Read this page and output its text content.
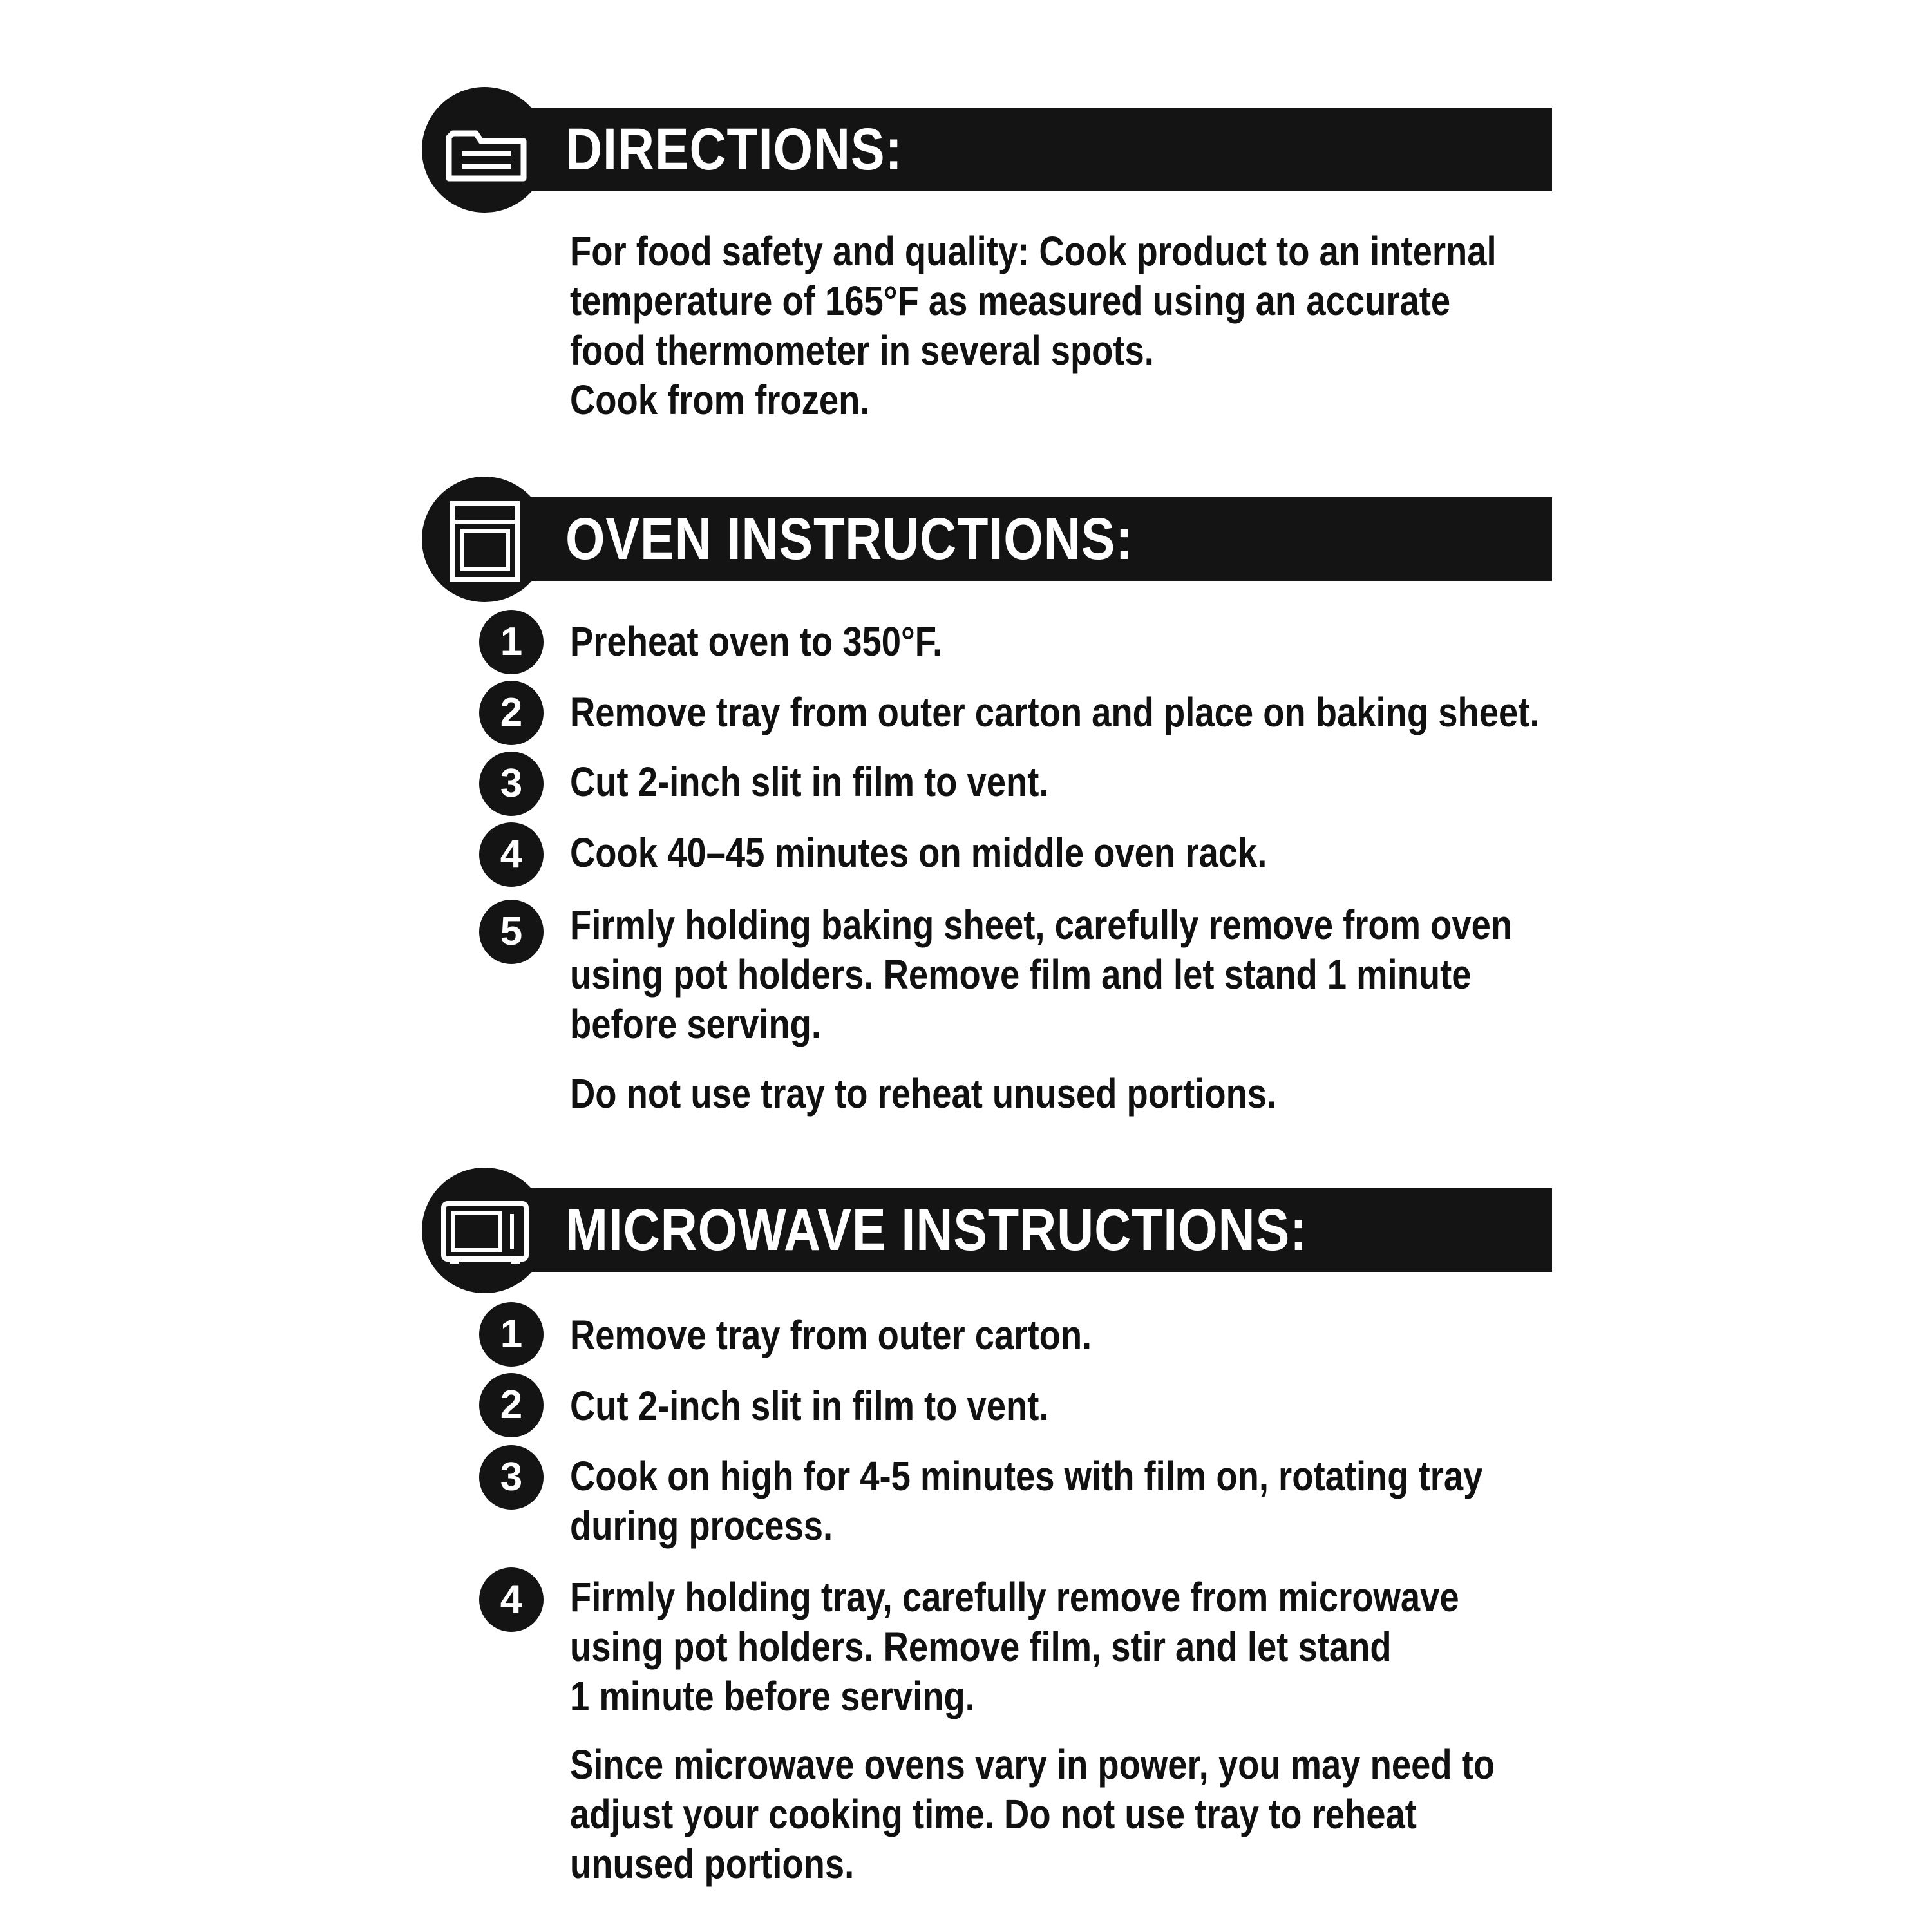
DIRECTIONS:
For food safety and quality: Cook product to an internal
temperature of 165°F as measured using an accurate
food thermometer in several spots.
Cook from frozen.
OVEN INSTRUCTIONS:
1	Preheat oven to 350°F.
2	Remove tray from outer carton and place on baking sheet.
3	Cut 2-inch slit in film to vent.
4	Cook 40–45 minutes on middle oven rack.
5	Firmly holding baking sheet, carefully remove from oven
using pot holders. Remove film and let stand 1 minute
before serving.
Do not use tray to reheat unused portions.
MICROWAVE INSTRUCTIONS:
1	Remove tray from outer carton.
2	Cut 2-inch slit in film to vent.
3	Cook on high for 4-5 minutes with film on, rotating tray
during process.
4	Firmly holding tray, carefully remove from microwave
using pot holders. Remove film, stir and let stand
1 minute before serving.
Since microwave ovens vary in power, you may need to
adjust your cooking time. Do not use tray to reheat
unused portions.
